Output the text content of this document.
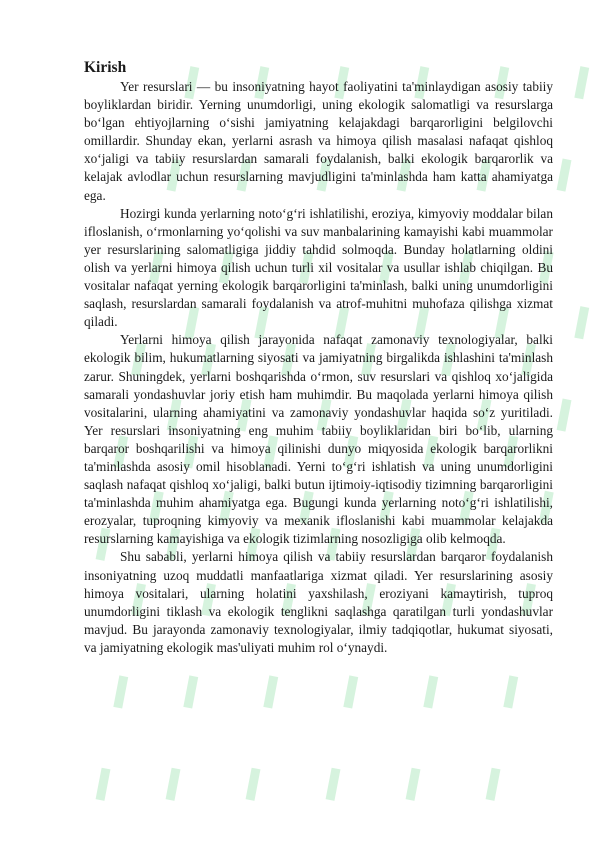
Kirish

Yer resurslari — bu insoniyatning hayot faoliyatini ta'minlaydigan asosiy tabiiy boyliklardan biridir. Yerning unumdorligi, uning ekologik salomatligi va resurslarga bo‘lgan ehtiyojlarning o‘sishi jamiyatning kelajakdagi barqarorligini belgilovchi omillardir. Shunday ekan, yerlarni asrash va himoya qilish masalasi nafaqat qishloq xo‘jaligi va tabiiy resurslardan samarali foydalanish, balki ekologik barqarorlik va kelajak avlodlar uchun resurslarning mavjudligini ta'minlashda ham katta ahamiyatga ega.

Hozirgi kunda yerlarning noto‘g‘ri ishlatilishi, eroziya, kimyoviy moddalar bilan ifloslanish, o‘rmonlarning yo‘qolishi va suv manbalarining kamayishi kabi muammolar yer resurslarining salomatligiga jiddiy tahdid solmoqda. Bunday holatlarning oldini olish va yerlarni himoya qilish uchun turli xil vositalar va usullar ishlab chiqilgan. Bu vositalar nafaqat yerning ekologik barqarorligini ta'minlash, balki uning unumdorligini saqlash, resurslardan samarali foydalanish va atrof-muhitni muhofaza qilishga xizmat qiladi.

Yerlarni himoya qilish jarayonida nafaqat zamonaviy texnologiyalar, balki ekologik bilim, hukumatlarning siyosati va jamiyatning birgalikda ishlashini ta'minlash zarur. Shuningdek, yerlarni boshqarishda o‘rmon, suv resurslari va qishloq xo‘jaligida samarali yondashuvlar joriy etish ham muhimdir. Bu maqolada yerlarni himoya qilish vositalarini, ularning ahamiyatini va zamonaviy yondashuvlar haqida so‘z yuritiladi. Yer resurslari insoniyatning eng muhim tabiiy boyliklaridan biri bo‘lib, ularning barqaror boshqarilishi va himoya qilinishi dunyo miqyosida ekologik barqarorlikni ta'minlashda asosiy omil hisoblanadi. Yerni to‘g‘ri ishlatish va uning unumdorligini saqlash nafaqat qishloq xo‘jaligi, balki butun ijtimoiy-iqtisodiy tizimning barqarorligini ta'minlashda muhim ahamiyatga ega. Bugungi kunda yerlarning noto‘g‘ri ishlatilishi, erozyalar, tuproqning kimyoviy va mexanik ifloslanishi kabi muammolar kelajakda resurslarning kamayishiga va ekologik tizimlarning nosozligiga olib kelmoqda.

Shu sababli, yerlarni himoya qilish va tabiiy resurslardan barqaror foydalanish insoniyatning uzoq muddatli manfaatlariga xizmat qiladi. Yer resurslarining asosiy himoya vositalari, ularning holatini yaxshilash, eroziyani kamaytirish, tuproq unumdorligini tiklash va ekologik tenglikni saqlashga qaratilgan turli yondashuvlar mavjud. Bu jarayonda zamonaviy texnologiyalar, ilmiy tadqiqotlar, hukumat siyosati, va jamiyatning ekologik mas'uliyati muhim rol o‘ynaydi.
